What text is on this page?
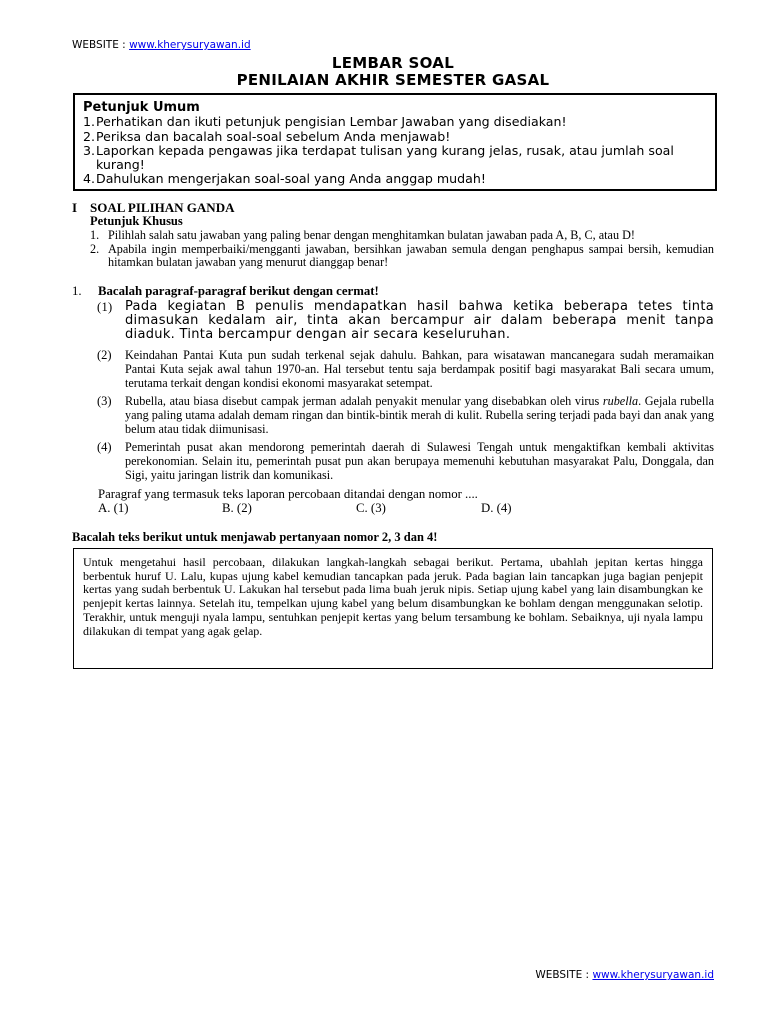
WEBSITE : www.kherysuryawan.id
LEMBAR SOAL
PENILAIAN AKHIR SEMESTER GASAL
Petunjuk Umum
1. Perhatikan dan ikuti petunjuk pengisian Lembar Jawaban yang disediakan!
2. Periksa dan bacalah soal-soal sebelum Anda menjawab!
3. Laporkan kepada pengawas jika terdapat tulisan yang kurang jelas, rusak, atau jumlah soal kurang!
4. Dahulukan mengerjakan soal-soal yang Anda anggap mudah!
I SOAL PILIHAN GANDA
Petunjuk Khusus
1. Pilihlah salah satu jawaban yang paling benar dengan menghitamkan bulatan jawaban pada A, B, C, atau D!
2. Apabila ingin memperbaiki/mengganti jawaban, bersihkan jawaban semula dengan penghapus sampai bersih, kemudian hitamkan bulatan jawaban yang menurut dianggap benar!
1. Bacalah paragraf-paragraf berikut dengan cermat!
(1) Pada kegiatan B penulis mendapatkan hasil bahwa ketika beberapa tetes tinta dimasukan kedalam air, tinta akan bercampur air dalam beberapa menit tanpa diaduk. Tinta bercampur dengan air secara keseluruhan.
(2) Keindahan Pantai Kuta pun sudah terkenal sejak dahulu. Bahkan, para wisatawan mancanegara sudah meramaikan Pantai Kuta sejak awal tahun 1970-an. Hal tersebut tentu saja berdampak positif bagi masyarakat Bali secara umum, terutama terkait dengan kondisi ekonomi masyarakat setempat.
(3) Rubella, atau biasa disebut campak jerman adalah penyakit menular yang disebabkan oleh virus rubella. Gejala rubella yang paling utama adalah demam ringan dan bintik-bintik merah di kulit. Rubella sering terjadi pada bayi dan anak yang belum atau tidak diimunisasi.
(4) Pemerintah pusat akan mendorong pemerintah daerah di Sulawesi Tengah untuk mengaktifkan kembali aktivitas perekonomian. Selain itu, pemerintah pusat pun akan berupaya memenuhi kebutuhan masyarakat Palu, Donggala, dan Sigi, yaitu jaringan listrik dan komunikasi.
Paragraf yang termasuk teks laporan percobaan ditandai dengan nomor ....
A. (1)	B. (2)	C. (3)	D. (4)
Bacalah teks berikut untuk menjawab pertanyaan nomor 2, 3 dan 4!
Untuk mengetahui hasil percobaan, dilakukan langkah-langkah sebagai berikut. Pertama, ubahlah jepitan kertas hingga berbentuk huruf U. Lalu, kupas ujung kabel kemudian tancapkan pada jeruk. Pada bagian lain tancapkan juga bagian penjepit kertas yang sudah berbentuk U. Lakukan hal tersebut pada lima buah jeruk nipis. Setiap ujung kabel yang lain disambungkan ke penjepit kertas lainnya. Setelah itu, tempelkan ujung kabel yang belum disambungkan ke bohlam dengan menggunakan selotip. Terakhir, untuk menguji nyala lampu, sentuhkan penjepit kertas yang belum tersambung ke bohlam. Sebaiknya, uji nyala lampu dilakukan di tempat yang agak gelap.
WEBSITE : www.kherysuryawan.id
